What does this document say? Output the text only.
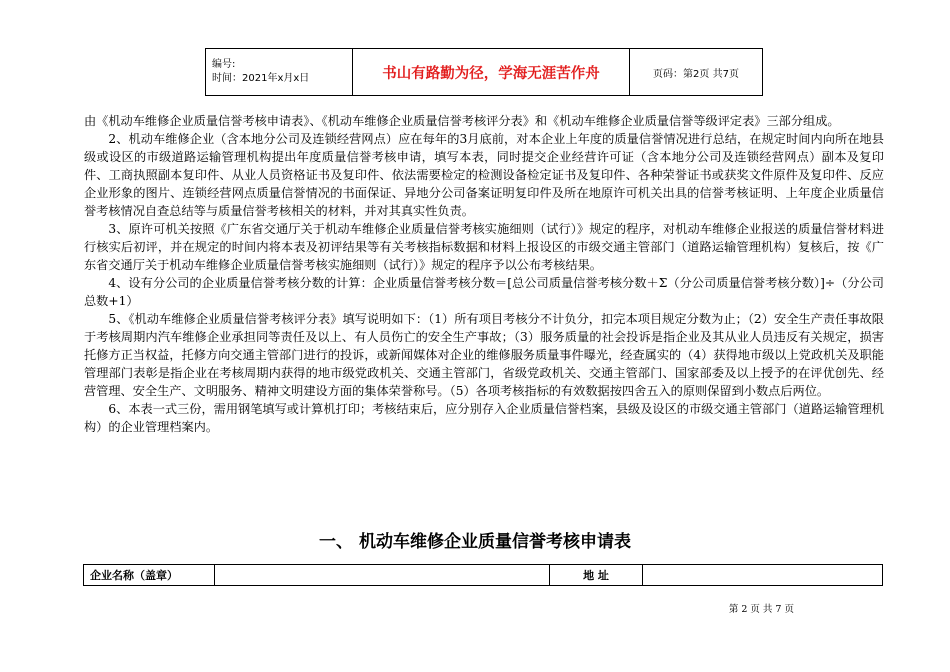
编号:
时间：2021年x月x日	书山有路勤为径，学海无涯苦作舟	页码：第2页 共7页

由《机动车维修企业质量信誉考核申请表》、《机动车维修企业质量信誉考核评分表》和《机动车维修企业质量信誉等级评定表》三部分组成。

2、机动车维修企业（含本地分公司及连锁经营网点）应在每年的3月底前，对本企业上年度的质量信誉情况进行总结，在规定时间内向所在地县级或设区的市级道路运输管理机构提出年度质量信誉考核申请，填写本表，同时提交企业经营许可证（含本地分公司及连锁经营网点）副本及复印件、工商执照副本复印件、从业人员资格证书及复印件、依法需要检定的检测设备检定证书及复印件、各种荣誉证书或获奖文件原件及复印件、反应企业形象的图片、连锁经营网点质量信誉情况的书面保证、异地分公司备案证明复印件及所在地原许可机关出具的信誉考核证明、上年度企业质量信誉考核情况自查总结等与质量信誉考核相关的材料，并对其真实性负责。

3、原许可机关按照《广东省交通厅关于机动车维修企业质量信誉考核实施细则（试行）》规定的程序，对机动车维修企业报送的质量信誉材料进行核实后初评，并在规定的时间内将本表及初评结果等有关考核指标数据和材料上报设区的市级交通主管部门（道路运输管理机构）复核后，按《广东省交通厅关于机动车维修企业质量信誉考核实施细则（试行）》规定的程序予以公布考核结果。

4、设有分公司的企业质量信誉考核分数的计算：企业质量信誉考核分数＝[总公司质量信誉考核分数＋Σ（分公司质量信誉考核分数）]÷（分公司总数+1）

5、《机动车维修企业质量信誉考核评分表》填写说明如下：（1）所有项目考核分不计负分，扣完本项目规定分数为止；（2）安全生产责任事故限于考核周期内汽车维修企业承担同等责任及以上、有人员伤亡的安全生产事故；（3）服务质量的社会投诉是指企业及其从业人员违反有关规定，损害托修方正当权益，托修方向交通主管部门进行的投诉，或新闻媒体对企业的维修服务质量事件曝光，经查属实的（4）获得地市级以上党政机关及职能管理部门表彰是指企业在考核周期内获得的地市级党政机关、交通主管部门，省级党政机关、交通主管部门、国家部委及以上授予的在评优创先、经营管理、安全生产、文明服务、精神文明建设方面的集体荣誉称号。（5）各项考核指标的有效数据按四舍五入的原则保留到小数点后两位。

6、本表一式三份，需用钢笔填写或计算机打印；考核结束后，应分别存入企业质量信誉档案，县级及设区的市级交通主管部门（道路运输管理机构）的企业管理档案内。

一、 机动车维修企业质量信誉考核申请表
企业名称（盖章）		地 址	
第 2 页 共 7 页
